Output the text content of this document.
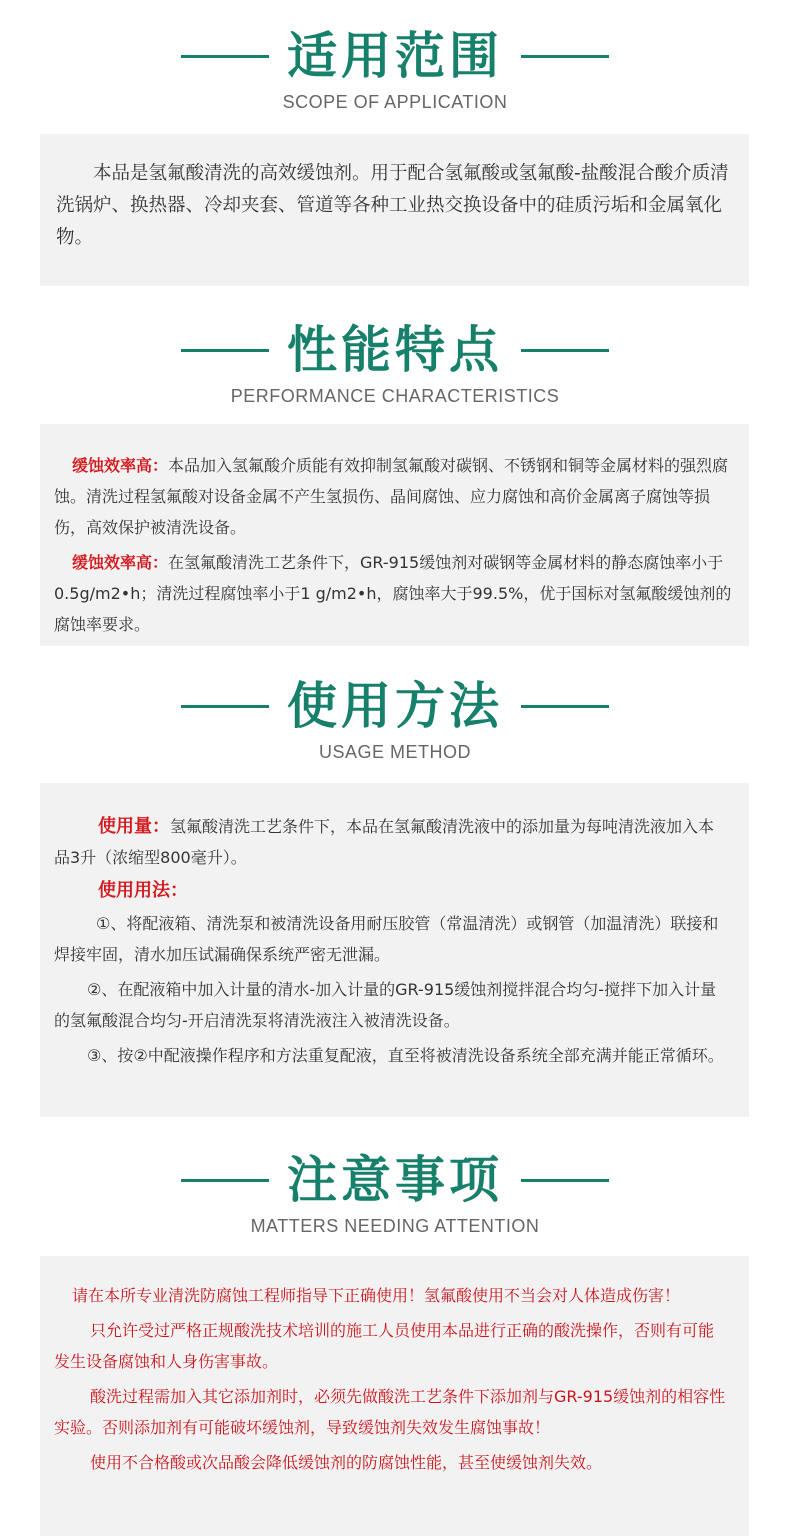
适用范围
SCOPE OF APPLICATION

本品是氢氟酸清洗的高效缓蚀剂。用于配合氢氟酸或氢氟酸-盐酸混合酸介质清洗锅炉、换热器、冷却夹套、管道等各种工业热交换设备中的硅质污垢和金属氧化物。

性能特点
PERFORMANCE CHARACTERISTICS

缓蚀效率高：本品加入氢氟酸介质能有效抑制氢氟酸对碳钢、不锈钢和铜等金属材料的强烈腐蚀。清洗过程氢氟酸对设备金属不产生氢损伤、晶间腐蚀、应力腐蚀和高价金属离子腐蚀等损伤，高效保护被清洗设备。

缓蚀效率高：在氢氟酸清洗工艺条件下，GR-915缓蚀剂对碳钢等金属材料的静态腐蚀率小于0.5g/m2•h；清洗过程腐蚀率小于1 g/m2•h，腐蚀率大于99.5%，优于国标对氢氟酸缓蚀剂的腐蚀率要求。

使用方法
USAGE METHOD

使用量：氢氟酸清洗工艺条件下，本品在氢氟酸清洗液中的添加量为每吨清洗液加入本品3升（浓缩型800毫升）。

使用用法：

①、将配液箱、清洗泵和被清洗设备用耐压胶管（常温清洗）或钢管（加温清洗）联接和焊接牢固，清水加压试漏确保系统严密无泄漏。

②、在配液箱中加入计量的清水-加入计量的GR-915缓蚀剂搅拌混合均匀-搅拌下加入计量的氢氟酸混合均匀-开启清洗泵将清洗液注入被清洗设备。

③、按②中配液操作程序和方法重复配液，直至将被清洗设备系统全部充满并能正常循环。

注意事项
MATTERS NEEDING ATTENTION

请在本所专业清洗防腐蚀工程师指导下正确使用！氢氟酸使用不当会对人体造成伤害！

只允许受过严格正规酸洗技术培训的施工人员使用本品进行正确的酸洗操作，否则有可能发生设备腐蚀和人身伤害事故。

酸洗过程需加入其它添加剂时，必须先做酸洗工艺条件下添加剂与GR-915缓蚀剂的相容性实验。否则添加剂有可能破坏缓蚀剂，导致缓蚀剂失效发生腐蚀事故！

使用不合格酸或次品酸会降低缓蚀剂的防腐蚀性能，甚至使缓蚀剂失效。
